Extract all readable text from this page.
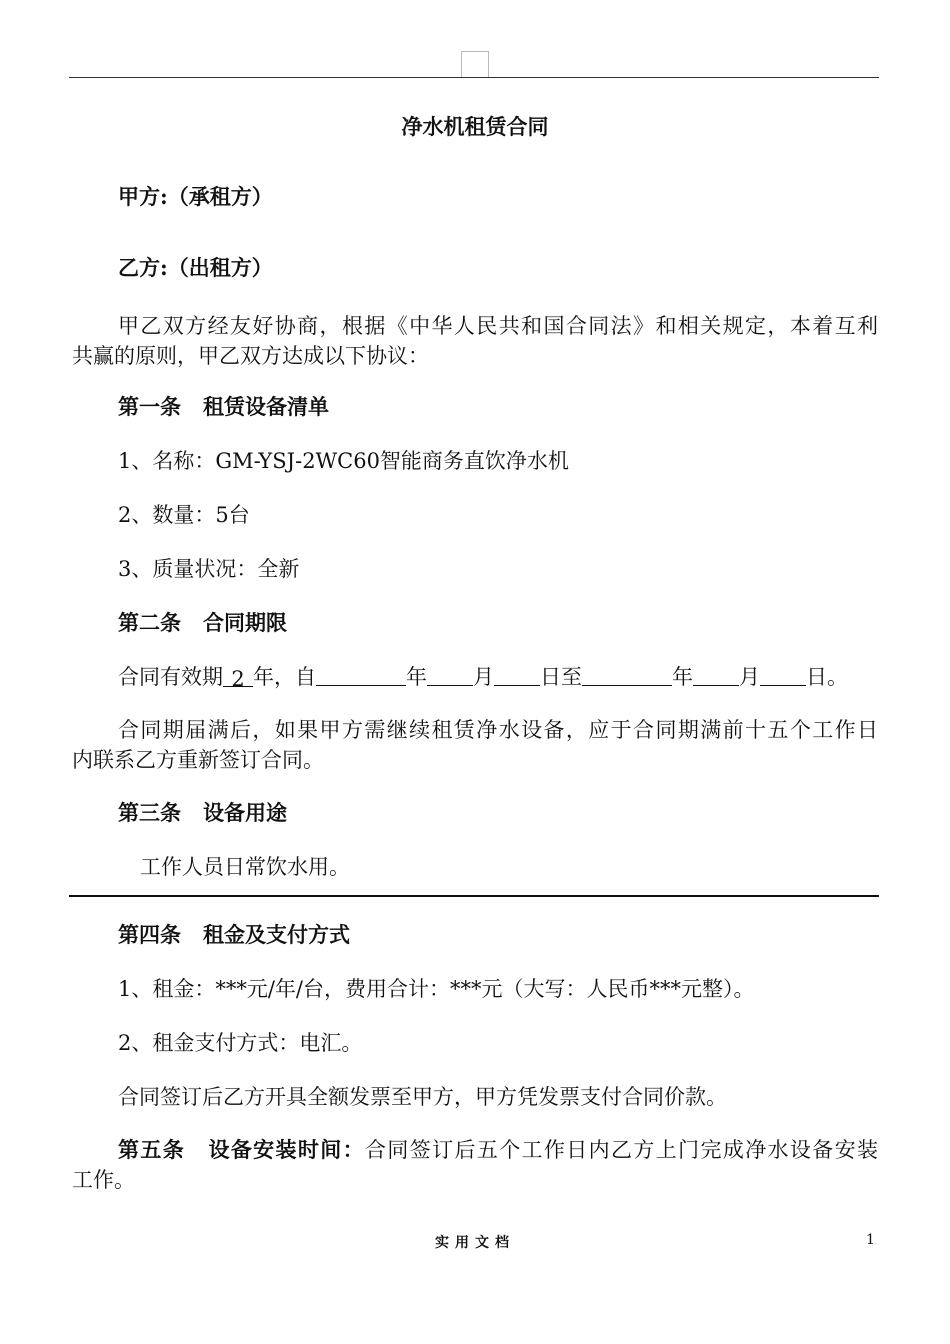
净水机租赁合同
甲方:（承租方）
乙方:（出租方）
甲乙双方经友好协商，根据《中华人民共和国合同法》和相关规定，本着互利
共赢的原则，甲乙双方达成以下协议：
第一条 租赁设备清单
1、名称：GM-YSJ-2WC60智能商务直饮净水机
2、数量：5台
3、质量状况：全新
第二条 合同期限
合同有效期 2 年，自	年 月 日至	年 月 日。
合同期届满后，如果甲方需继续租赁净水设备，应于合同期满前十五个工作日
内联系乙方重新签订合同。
第三条 设备用途
工作人员日常饮水用。
第四条 租金及支付方式
1、租金：***元/年/台，费用合计：***元（大写：人民币***元整）。
2、租金支付方式：电汇。
合同签订后乙方开具全额发票至甲方，甲方凭发票支付合同价款。
第五条 设备安装时间：合同签订后五个工作日内乙方上门完成净水设备安装
工作。
实用文档	1
